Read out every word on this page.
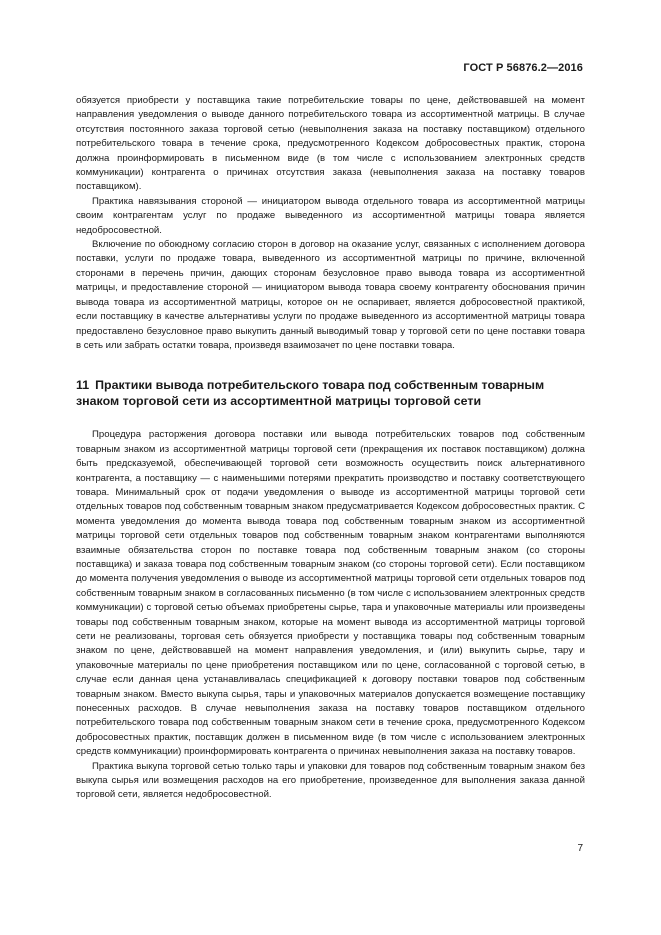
ГОСТ Р 56876.2—2016

обязуется приобрести у поставщика такие потребительские товары по цене, действовавшей на момент направления уведомления о выводе данного потребительского товара из ассортиментной матрицы. В случае отсутствия постоянного заказа торговой сетью (невыполнения заказа на поставку поставщиком) отдельного потребительского товара в течение срока, предусмотренного Кодексом добросовестных практик, сторона должна проинформировать в письменном виде (в том числе с использованием электронных средств коммуникации) контрагента о причинах отсутствия заказа (невыполнения заказа на поставку товаров поставщиком).

Практика навязывания стороной — инициатором вывода отдельного товара из ассортиментной матрицы своим контрагентам услуг по продаже выведенного из ассортиментной матрицы товара является недобросовестной.

Включение по обоюдному согласию сторон в договор на оказание услуг, связанных с исполнением договора поставки, услуги по продаже товара, выведенного из ассортиментной матрицы по причине, включенной сторонами в перечень причин, дающих сторонам безусловное право вывода товара из ассортиментной матрицы, и предоставление стороной — инициатором вывода товара своему контрагенту обоснования причин вывода товара из ассортиментной матрицы, которое он не оспаривает, является добросовестной практикой, если поставщику в качестве альтернативы услуги по продаже выведенного из ассортиментной матрицы товара предоставлено безусловное право выкупить данный выводимый товар у торговой сети по цене поставки товара в сеть или забрать остатки товара, произведя взаимозачет по цене поставки товара.

11 Практики вывода потребительского товара под собственным товарным знаком торговой сети из ассортиментной матрицы торговой сети

Процедура расторжения договора поставки или вывода потребительских товаров под собственным товарным знаком из ассортиментной матрицы торговой сети (прекращения их поставок поставщиком) должна быть предсказуемой, обеспечивающей торговой сети возможность осуществить поиск альтернативного контрагента, а поставщику — с наименьшими потерями прекратить производство и поставку соответствующего товара. Минимальный срок от подачи уведомления о выводе из ассортиментной матрицы торговой сети отдельных товаров под собственным товарным знаком предусматривается Кодексом добросовестных практик. С момента уведомления до момента вывода товара под собственным товарным знаком из ассортиментной матрицы торговой сети отдельных товаров под собственным товарным знаком контрагентами выполняются взаимные обязательства сторон по поставке товара под собственным товарным знаком (со стороны поставщика) и заказа товара под собственным товарным знаком (со стороны торговой сети). Если поставщиком до момента получения уведомления о выводе из ассортиментной матрицы торговой сети отдельных товаров под собственным товарным знаком в согласованных письменно (в том числе с использованием электронных средств коммуникации) с торговой сетью объемах приобретены сырье, тара и упаковочные материалы или произведены товары под собственным товарным знаком, которые на момент вывода из ассортиментной матрицы торговой сети не реализованы, торговая сеть обязуется приобрести у поставщика товары под собственным товарным знаком по цене, действовавшей на момент направления уведомления, и (или) выкупить сырье, тару и упаковочные материалы по цене приобретения поставщиком или по цене, согласованной с торговой сетью, в случае если данная цена устанавливалась спецификацией к договору поставки товаров под собственным товарным знаком. Вместо выкупа сырья, тары и упаковочных материалов допускается возмещение поставщику понесенных расходов. В случае невыполнения заказа на поставку товаров поставщиком отдельного потребительского товара под собственным товарным знаком сети в течение срока, предусмотренного Кодексом добросовестных практик, поставщик должен в письменном виде (в том числе с использованием электронных средств коммуникации) проинформировать контрагента о причинах невыполнения заказа на поставку товаров.

Практика выкупа торговой сетью только тары и упаковки для товаров под собственным товарным знаком без выкупа сырья или возмещения расходов на его приобретение, произведенное для выполнения заказа данной торговой сети, является недобросовестной.

7
